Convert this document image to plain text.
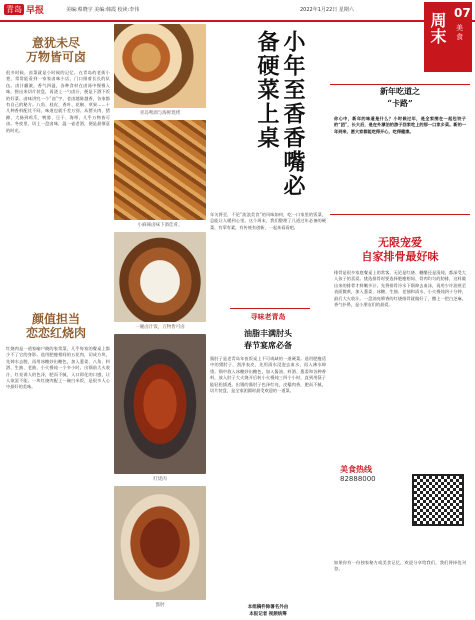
青岛 早报	美编:蔡晓宇 美编:韩霞 校读:李伟	2022年1月22日 星期六	07
周末 美食
意犹未尽
万物皆可卤
很多时候，卤菜就是小时候的记忆。在青岛的老街小巷，常常能看到一家家卤味小店，门口排着长长的队伍。卤汁翻滚，香气四溢，各种食材在卤汤中慢慢入味，捞出来切片装盘，再浇上一勺卤汁，便是下酒下饭的好菜。卤味讲究一个“卤”字，老卤越陈越香，各家都有自己的秘方。八角、桂皮、香叶、花椒、草果……十几种香料配比不同，味道也就千差万别。从猪头肉、猪蹄、大肠到鸡爪、鸭脖、豆干、海带，几乎万物皆可卤。冬夜里，切上一盘卤味，温一壶老酒，便是最惬意的时光。
颜值担当
恋恋红烧肉
红烧肉是一道家喻户晓的家常菜，几乎每家的餐桌上都少不了它的身影。选用肥瘦相间的五花肉，切成方块，先焯水去腥，再用冰糖炒出糖色，加入葱姜、八角、料酒、生抽、老抽，小火慢炖一个多小时。出锅前大火收汁，红亮诱人的色泽，肥而不腻、入口即化的口感，让人欲罢不能。一块红烧肉配上一碗白米饭，是很多人心中最好的美味。
青岛啤酒与海鲜烧烤
小麻辣卤味下酒佳肴。
一碗卤汁饭，万物皆可卤
红烧肉
酱肘
小年至香香嘴必备硬菜上桌
年关将至，不论“流浪美食”的风味如何，吃一口家里的饭菜，总能让人暖到心里。这个周末，我们整理了几道过年必备的硬菜，有荤有素，有传统有创新，一起来看看吧。
寻味老青岛
油脂丰满肘头
春节宴席必备
酱肘子是老青岛年夜饭桌上不可或缺的一道硬菜。选用肥瘦适中的猪肘子，刮净表皮，先用清水浸泡去血水，再入沸水焯烫。锅中放入冰糖炒出糖色，加入酱油、料酒、葱姜和各种香料，放入肘子大火烧开后转小火慢炖三四个小时，直到用筷子能轻松插透。出锅的酱肘子色泽红亮，皮糯肉香，肥而不腻，切片装盘，是全家团圆时最受欢迎的一道菜。
新年吃道之
“卡路”
你心中，新年的味道是什么？小时候过年，是全家围在一起包饺子的“团”，长大后，是在外漂泊的游子回家吃上的那一口家乡菜。新的一年到来，愿大家都能吃得开心，吃得健康。
无限宠爱
自家排骨最好味
排骨是很多家庭餐桌上的常客，无论是红烧、糖醋还是清炖，都深受大人孩子的喜爱。挑选排骨时要选择肥瘦相间、骨肉均匀的肋排，这样做出来的排骨才鲜嫩多汁。先将排骨冷水下锅焯去血沫，再用少许油煎至表面微黄，加入葱姜、冰糖、生抽、老抽和清水，小火慢炖四十分钟，最后大火收汁。一盘油亮喷香的红烧排骨就做好了，撒上一把白芝麻，香气扑鼻，是小朋友们的最爱。
美食热线
82888000
如果你有一份独家秘方或美食记忆，欢迎分享给我们，我们将择优刊登。
本组稿件除署名外由
本报记者 视频统筹
